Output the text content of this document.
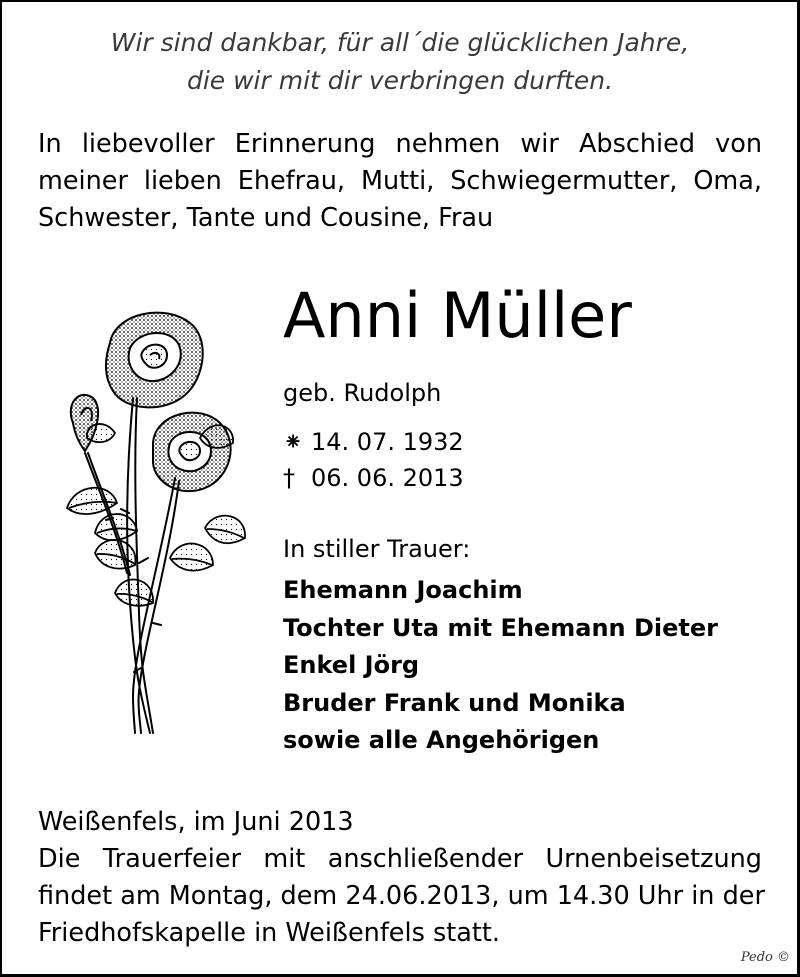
Wir sind dankbar, für all´die glücklichen Jahre,
die wir mit dir verbringen durften.
In liebevoller Erinnerung nehmen wir Abschied von
meiner lieben Ehefrau, Mutti, Schwiegermutter, Oma,
Schwester, Tante und Cousine, Frau
Anni Müller
geb. Rudolph
⁕ 14. 07. 1932
† 06. 06. 2013
In stiller Trauer:
Ehemann Joachim
Tochter Uta mit Ehemann Dieter
Enkel Jörg
Bruder Frank und Monika
sowie alle Angehörigen
Weißenfels, im Juni 2013
Die Trauerfeier mit anschließender Urnenbeisetzung
findet am Montag, dem 24.06.2013, um 14.30 Uhr in der
Friedhofskapelle in Weißenfels statt.
Pedo ©
